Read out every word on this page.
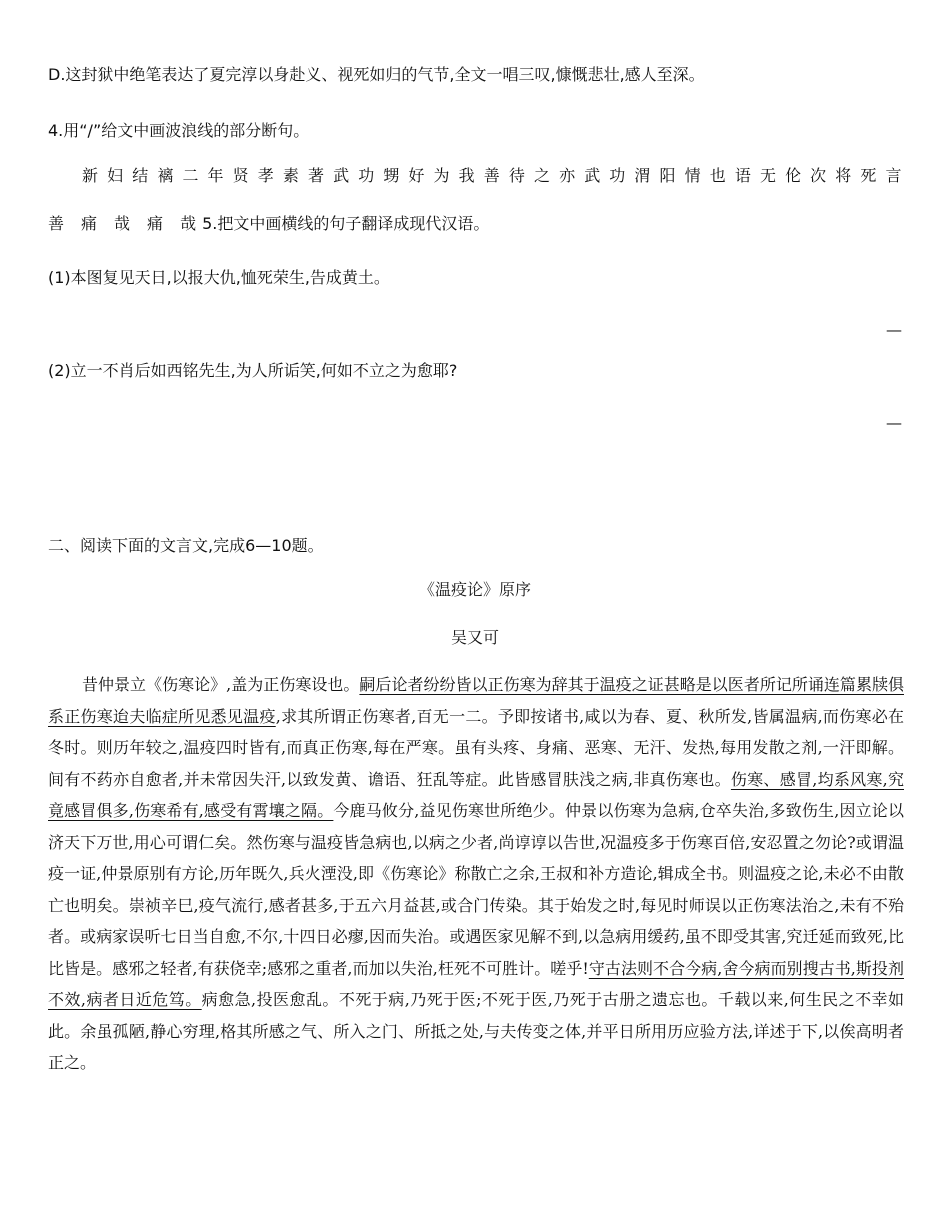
D.这封狱中绝笔表达了夏完淳以身赴义、视死如归的气节,全文一唱三叹,慷慨悲壮,感人至深。
4.用“/”给文中画波浪线的部分断句。
新 妇 结 褵 二 年 贤 孝 素 著 武 功 甥 好 为 我 善 待 之 亦 武 功 渭 阳 情 也 语 无 伦 次 将 死 言
善 痛 哉 痛 哉 5.把文中画横线的句子翻译成现代汉语。
(1)本图复见天日,以报大仇,恤死荣生,告成黄土。
—
(2)立一不肖后如西铭先生,为人所诟笑,何如不立之为愈耶?
—
二、阅读下面的文言文,完成6—10题。
《温疫论》原序
吴又可
昔仲景立《伤寒论》,盖为正伤寒设也。嗣后论者纷纷皆以正伤寒为辞其于温疫之证甚略是以医者所记所诵连篇累牍俱系正伤寒迨夫临症所见悉见温疫,求其所谓正伤寒者,百无一二。予即按诸书,咸以为春、夏、秋所发,皆属温病,而伤寒必在冬时。则历年较之,温疫四时皆有,而真正伤寒,每在严寒。虽有头疼、身痛、恶寒、无汗、发热,每用发散之剂,一汗即解。间有不药亦自愈者,并未常因失汗,以致发黄、谵语、狂乱等症。此皆感冒肤浅之病,非真伤寒也。伤寒、感冒,均系风寒,究竟感冒俱多,伤寒希有,感受有霄壤之隔。今鹿马攸分,益见伤寒世所绝少。仲景以伤寒为急病,仓卒失治,多致伤生,因立论以济天下万世,用心可谓仁矣。然伤寒与温疫皆急病也,以病之少者,尚谆谆以告世,况温疫多于伤寒百倍,安忍置之勿论?或谓温疫一证,仲景原别有方论,历年既久,兵火湮没,即《伤寒论》称散亡之余,王叔和补方造论,辑成全书。则温疫之论,未必不由散亡也明矣。崇祯辛巳,疫气流行,感者甚多,于五六月益甚,或合门传染。其于始发之时,每见时师误以正伤寒法治之,未有不殆者。或病家误听七日当自愈,不尔,十四日必瘳,因而失治。或遇医家见解不到,以急病用缓药,虽不即受其害,究迁延而致死,比比皆是。感邪之轻者,有获侥幸;感邪之重者,而加以失治,枉死不可胜计。嗟乎!守古法则不合今病,舍今病而别搜古书,斯投剂不效,病者日近危笃。病愈急,投医愈乱。不死于病,乃死于医;不死于医,乃死于古册之遗忘也。千载以来,何生民之不幸如此。余虽孤陋,静心穷理,格其所感之气、所入之门、所抵之处,与夫传变之体,并平日所用历应验方法,详述于下,以俟高明者正之。
